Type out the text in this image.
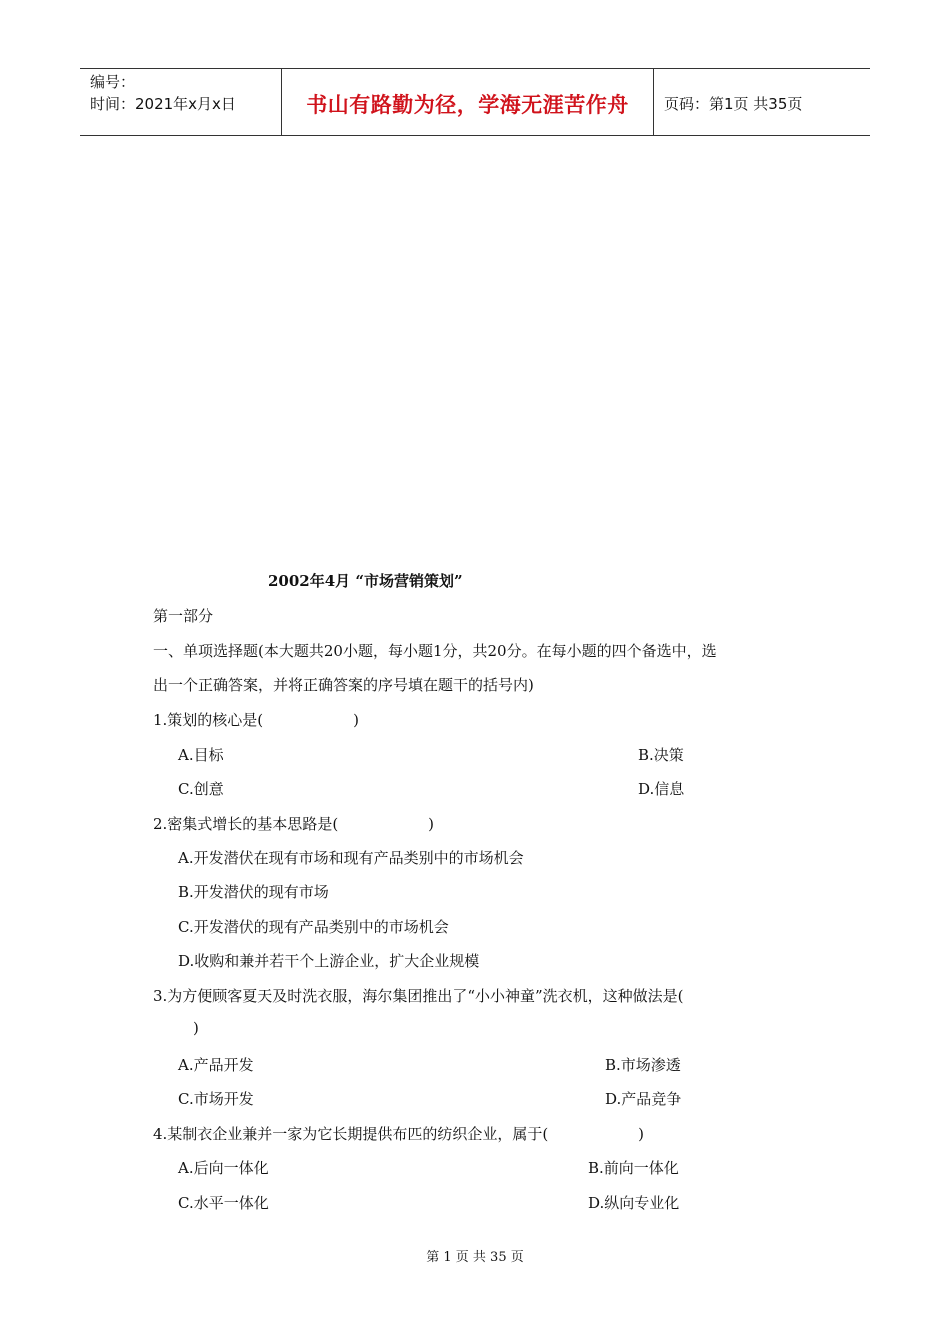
编号：
时间：2021年x月x日	书山有路勤为径，学海无涯苦作舟	页码：第1页 共35页
2002年4月 “市场营销策划”
第一部分
一、单项选择题(本大题共20小题，每小题1分，共20分。在每小题的四个备选中，选
出一个正确答案，并将正确答案的序号填在题干的括号内)
1.策划的核心是(　　　　　　)
A.目标	B.决策
C.创意	D.信息
2.密集式增长的基本思路是(　　　　　　)
A.开发潜伏在现有市场和现有产品类别中的市场机会
B.开发潜伏的现有市场
C.开发潜伏的现有产品类别中的市场机会
D.收购和兼并若干个上游企业，扩大企业规模
3.为方便顾客夏天及时洗衣服，海尔集团推出了“小小神童”洗衣机，这种做法是(
)
A.产品开发	B.市场渗透
C.市场开发	D.产品竞争
4.某制衣企业兼并一家为它长期提供布匹的纺织企业，属于(　　　　　　)
A.后向一体化	B.前向一体化
C.水平一体化	D.纵向专业化
第 1 页 共 35 页
